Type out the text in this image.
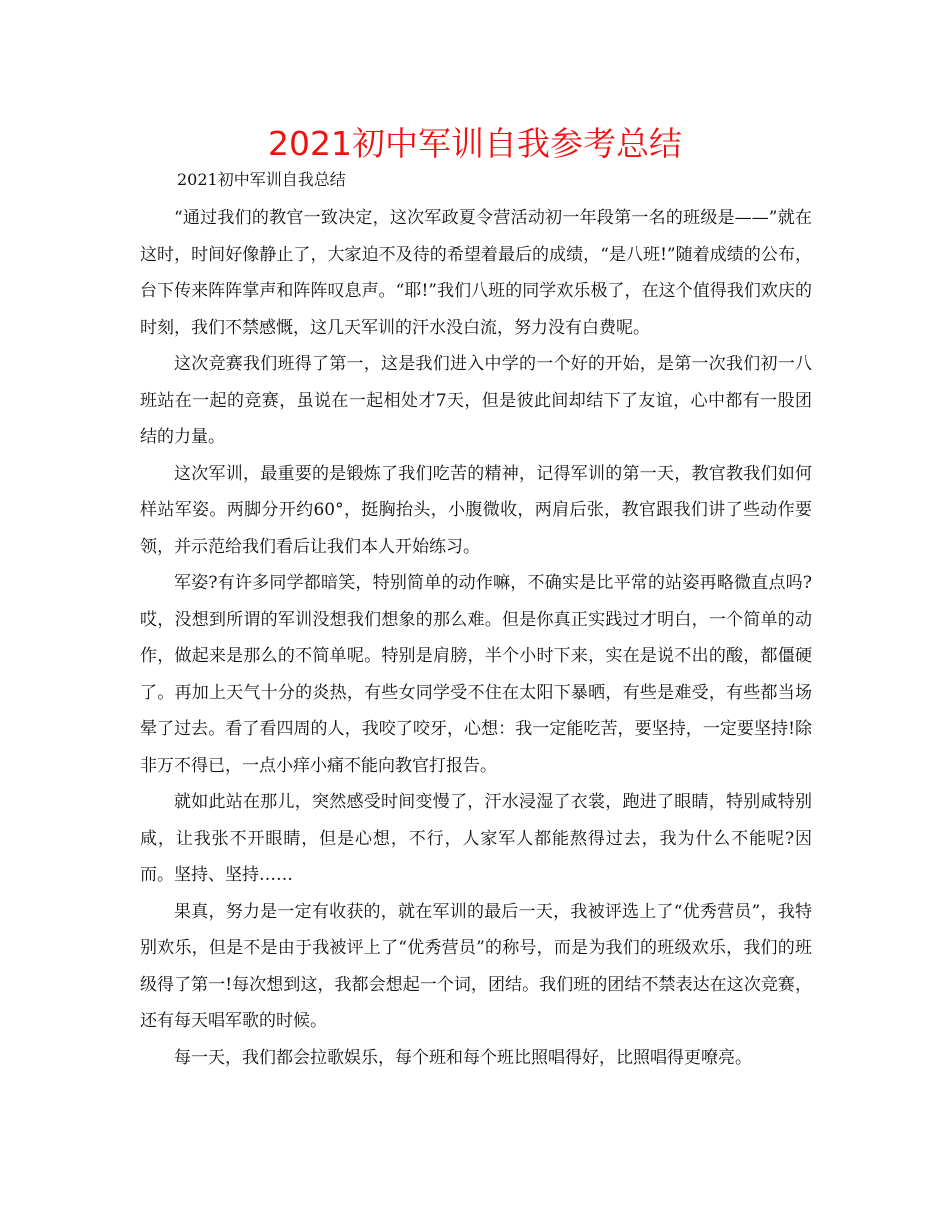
2021初中军训自我参考总结

2021初中军训自我总结

“通过我们的教官一致决定，这次军政夏令营活动初一年段第一名的班级是——”就在这时，时间好像静止了，大家迫不及待的希望着最后的成绩，“是八班!”随着成绩的公布，台下传来阵阵掌声和阵阵叹息声。“耶!”我们八班的同学欢乐极了，在这个值得我们欢庆的时刻，我们不禁感慨，这几天军训的汗水没白流，努力没有白费呢。

这次竞赛我们班得了第一，这是我们进入中学的一个好的开始，是第一次我们初一八班站在一起的竞赛，虽说在一起相处才7天，但是彼此间却结下了友谊，心中都有一股团结的力量。

这次军训，最重要的是锻炼了我们吃苦的精神，记得军训的第一天，教官教我们如何样站军姿。两脚分开约60°，挺胸抬头，小腹微收，两肩后张，教官跟我们讲了些动作要领，并示范给我们看后让我们本人开始练习。

军姿?有许多同学都暗笑，特别简单的动作嘛，不确实是比平常的站姿再略微直点吗?哎，没想到所谓的军训没想我们想象的那么难。但是你真正实践过才明白，一个简单的动作，做起来是那么的不简单呢。特别是肩膀，半个小时下来，实在是说不出的酸，都僵硬了。再加上天气十分的炎热，有些女同学受不住在太阳下暴晒，有些是难受，有些都当场晕了过去。看了看四周的人，我咬了咬牙，心想：我一定能吃苦，要坚持，一定要坚持!除非万不得已，一点小痒小痛不能向教官打报告。

就如此站在那儿，突然感受时间变慢了，汗水浸湿了衣裳，跑进了眼睛，特别咸特别咸，让我张不开眼睛，但是心想，不行，人家军人都能熬得过去，我为什么不能呢?因而。坚持、坚持……

果真，努力是一定有收获的，就在军训的最后一天，我被评选上了“优秀营员”，我特别欢乐，但是不是由于我被评上了“优秀营员”的称号，而是为我们的班级欢乐，我们的班级得了第一!每次想到这，我都会想起一个词，团结。我们班的团结不禁表达在这次竞赛，还有每天唱军歌的时候。

每一天，我们都会拉歌娱乐，每个班和每个班比照唱得好，比照唱得更嘹亮。
